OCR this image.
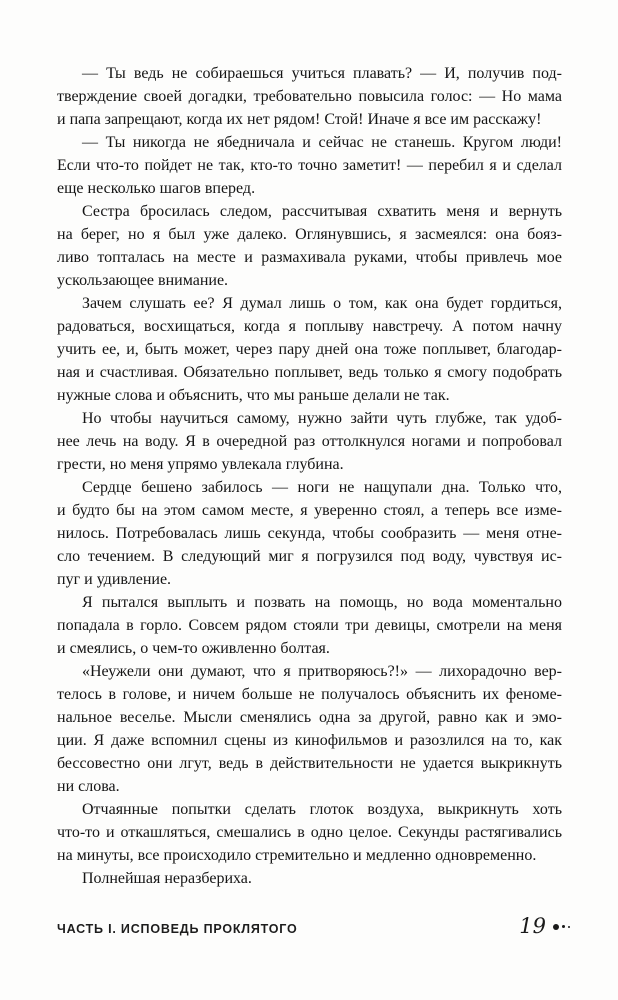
— Ты ведь не собираешься учиться плавать? — И, получив под-
тверждение своей догадки, требовательно повысила голос: — Но мама
и папа запрещают, когда их нет рядом! Стой! Иначе я все им расскажу!
— Ты никогда не ябедничала и сейчас не станешь. Кругом люди!
Если что-то пойдет не так, кто-то точно заметит! — перебил я и сделал
еще несколько шагов вперед.
Сестра бросилась следом, рассчитывая схватить меня и вернуть
на берег, но я был уже далеко. Оглянувшись, я засмеялся: она бояз-
ливо топталась на месте и размахивала руками, чтобы привлечь мое
ускользающее внимание.
Зачем слушать ее? Я думал лишь о том, как она будет гордиться,
радоваться, восхищаться, когда я поплыву навстречу. А потом начну
учить ее, и, быть может, через пару дней она тоже поплывет, благодар-
ная и счастливая. Обязательно поплывет, ведь только я смогу подобрать
нужные слова и объяснить, что мы раньше делали не так.
Но чтобы научиться самому, нужно зайти чуть глубже, так удоб-
нее лечь на воду. Я в очередной раз оттолкнулся ногами и попробовал
грести, но меня упрямо увлекала глубина.
Сердце бешено забилось — ноги не нащупали дна. Только что,
и будто бы на этом самом месте, я уверенно стоял, а теперь все изме-
нилось. Потребовалась лишь секунда, чтобы сообразить — меня отне-
сло течением. В следующий миг я погрузился под воду, чувствуя ис-
пуг и удивление.
Я пытался выплыть и позвать на помощь, но вода моментально
попадала в горло. Совсем рядом стояли три девицы, смотрели на меня
и смеялись, о чем-то оживленно болтая.
«Неужели они думают, что я притворяюсь?!» — лихорадочно вер-
телось в голове, и ничем больше не получалось объяснить их феноме-
нальное веселье. Мысли сменялись одна за другой, равно как и эмо-
ции. Я даже вспомнил сцены из кинофильмов и разозлился на то, как
бессовестно они лгут, ведь в действительности не удается выкрикнуть
ни слова.
Отчаянные попытки сделать глоток воздуха, выкрикнуть хоть
что-то и откашляться, смешались в одно целое. Секунды растягивались
на минуты, все происходило стремительно и медленно одновременно.
Полнейшая неразбериха.
ЧАСТЬ I. ИСПОВЕДЬ ПРОКЛЯТОГО	19
